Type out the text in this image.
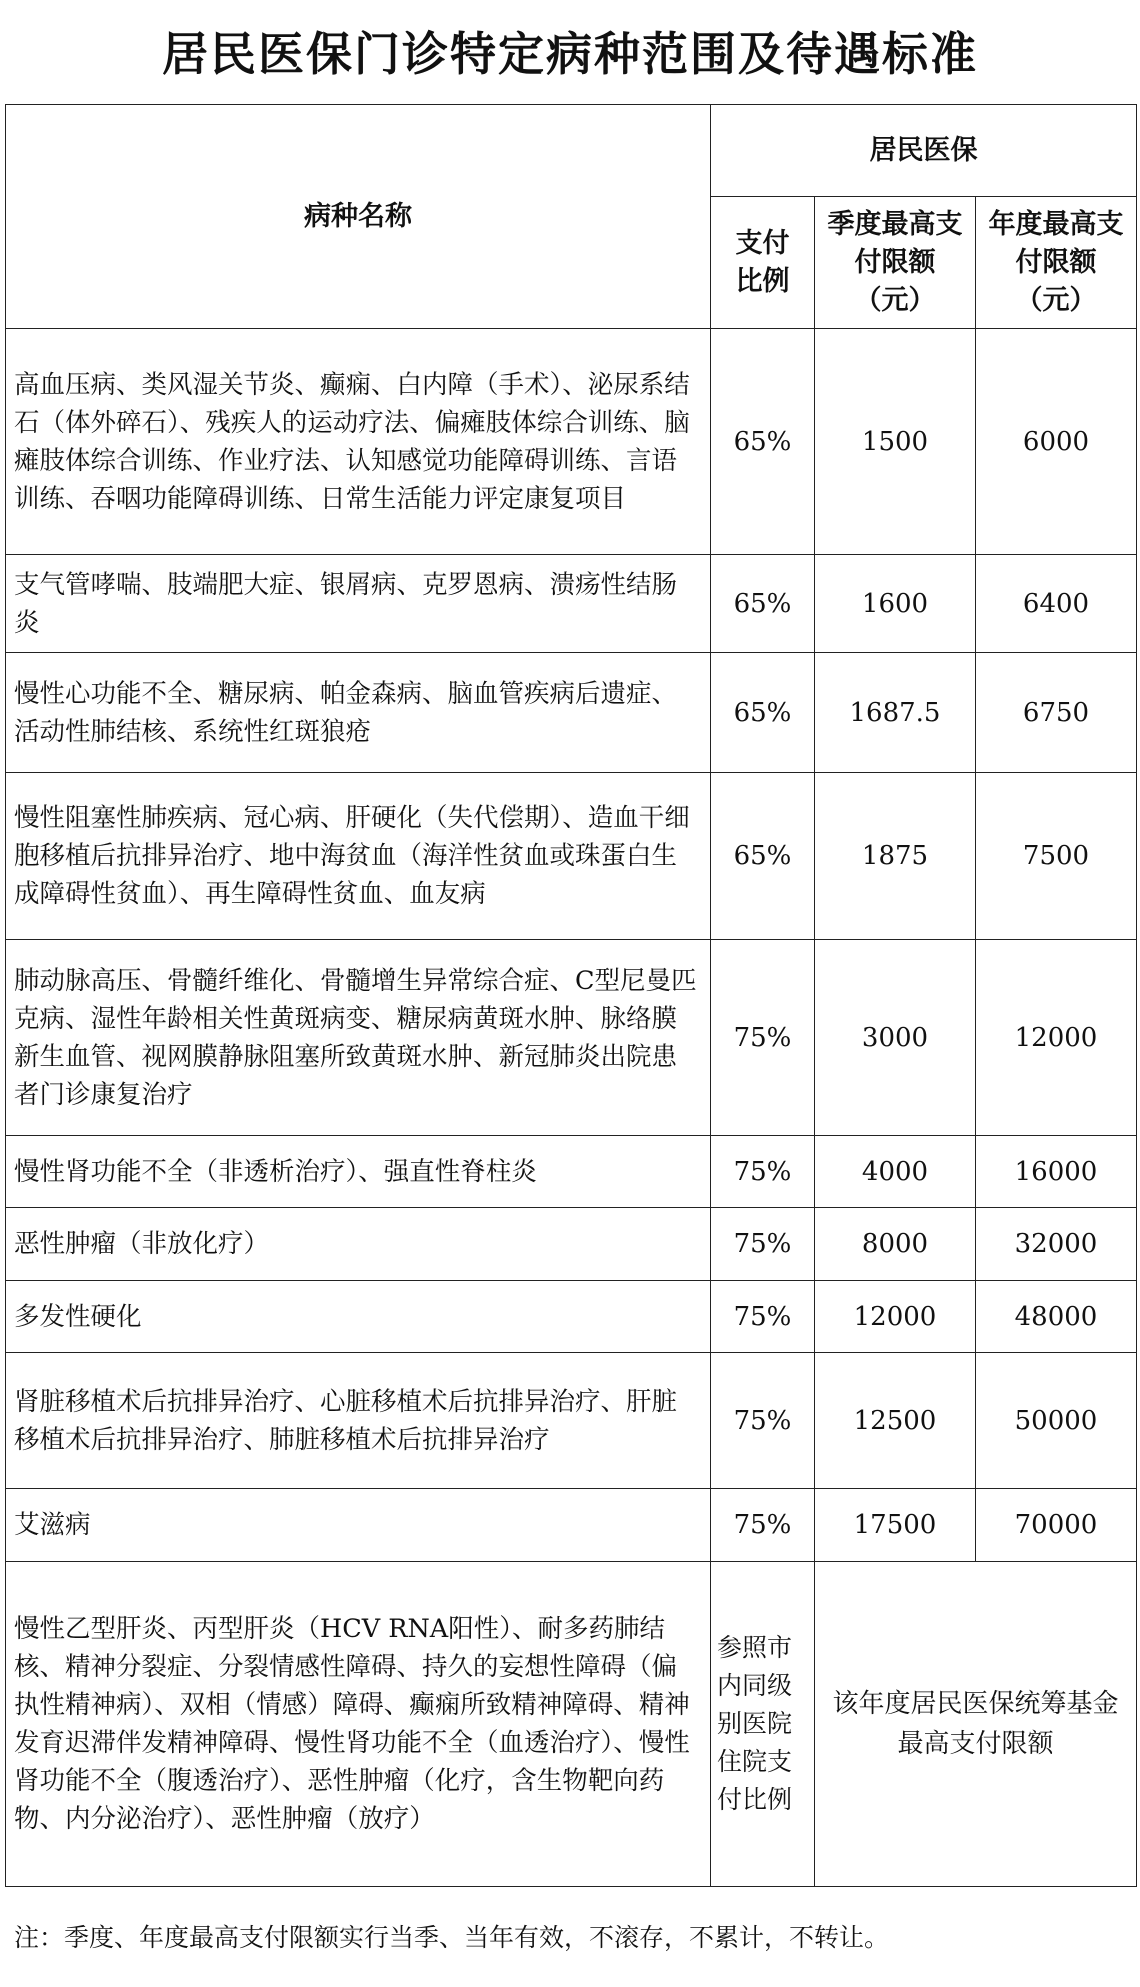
居民医保门诊特定病种范围及待遇标准
病种名称	居民医保		
	支付比例	季度最高支付限额（元）	年度最高支付限额（元）
高血压病、类风湿关节炎、癫痫、白内障（手术）、泌尿系结石（体外碎石）、残疾人的运动疗法、偏瘫肢体综合训练、脑瘫肢体综合训练、作业疗法、认知感觉功能障碍训练、言语训练、吞咽功能障碍训练、日常生活能力评定康复项目	65%	1500	6000
支气管哮喘、肢端肥大症、银屑病、克罗恩病、溃疡性结肠炎	65%	1600	6400
慢性心功能不全、糖尿病、帕金森病、脑血管疾病后遗症、活动性肺结核、系统性红斑狼疮	65%	1687.5	6750
慢性阻塞性肺疾病、冠心病、肝硬化（失代偿期）、造血干细胞移植后抗排异治疗、地中海贫血（海洋性贫血或珠蛋白生成障碍性贫血）、再生障碍性贫血、血友病	65%	1875	7500
肺动脉高压、骨髓纤维化、骨髓增生异常综合症、C型尼曼匹克病、湿性年龄相关性黄斑病变、糖尿病黄斑水肿、脉络膜新生血管、视网膜静脉阻塞所致黄斑水肿、新冠肺炎出院患者门诊康复治疗	75%	3000	12000
慢性肾功能不全（非透析治疗）、强直性脊柱炎	75%	4000	16000
恶性肿瘤（非放化疗）	75%	8000	32000
多发性硬化	75%	12000	48000
肾脏移植术后抗排异治疗、心脏移植术后抗排异治疗、肝脏移植术后抗排异治疗、肺脏移植术后抗排异治疗	75%	12500	50000
艾滋病	75%	17500	70000
慢性乙型肝炎、丙型肝炎（HCV RNA阳性）、耐多药肺结核、精神分裂症、分裂情感性障碍、持久的妄想性障碍（偏执性精神病）、双相（情感）障碍、癫痫所致精神障碍、精神发育迟滞伴发精神障碍、慢性肾功能不全（血透治疗）、慢性肾功能不全（腹透治疗）、恶性肿瘤（化疗，含生物靶向药物、内分泌治疗）、恶性肿瘤（放疗）	参照市内同级别医院住院支付比例	该年度居民医保统筹基金最高支付限额	
注：季度、年度最高支付限额实行当季、当年有效，不滚存，不累计，不转让。
